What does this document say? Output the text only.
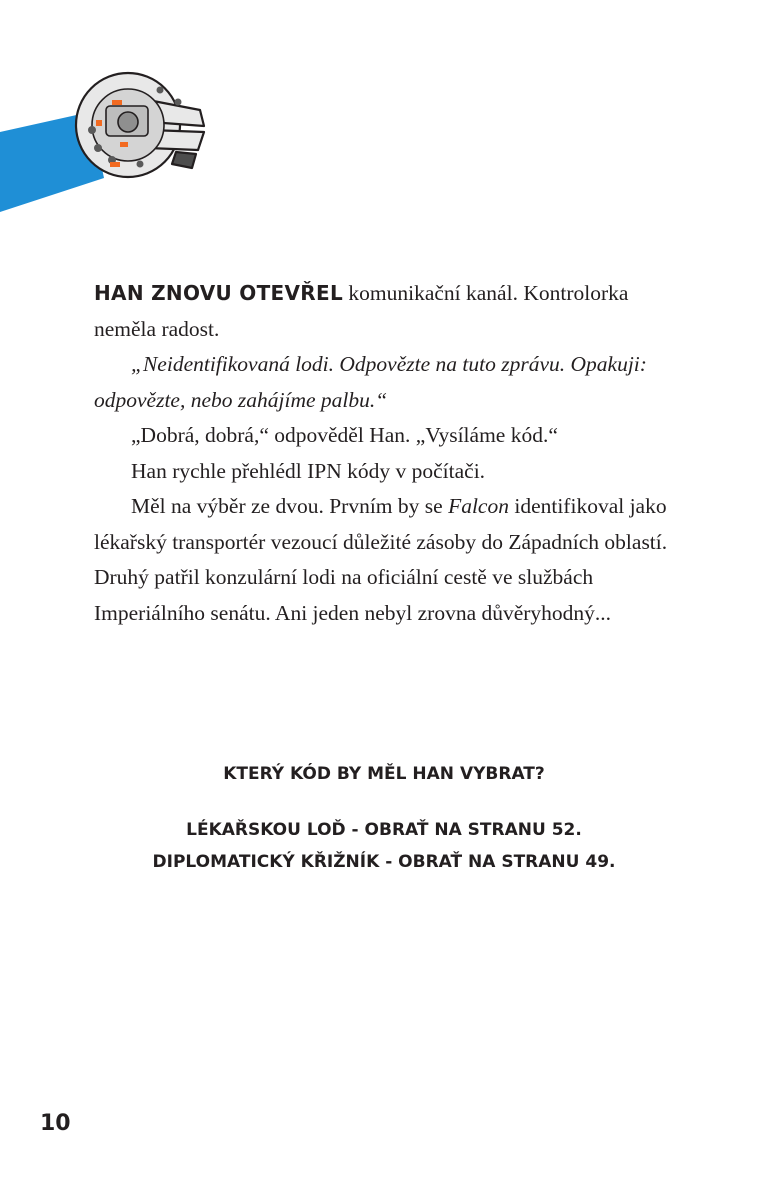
HAN ZNOVU OTEVŘEL komunikační kanál. Kontrolorka neměla radost.

„Neidentifikovaná lodi. Odpovězte na tuto zprávu. Opakuji: odpovězte, nebo zahájíme palbu.“

„Dobrá, dobrá,“ odpověděl Han. „Vysíláme kód.“

Han rychle přehlédl IPN kódy v počítači.

Měl na výběr ze dvou. Prvním by se Falcon identifikoval jako lékařský transportér vezoucí důležité zásoby do Západních oblastí. Druhý patřil konzulární lodi na oficiální cestě ve službách Imperiálního senátu. Ani jeden nebyl zrovna důvěryhodný...

KTERÝ KÓD BY MĚL HAN VYBRAT?
LÉKAŘSKOU LOĎ - OBRAŤ NA STRANU 52.
DIPLOMATICKÝ KŘIŽNÍK - OBRAŤ NA STRANU 49.
10
